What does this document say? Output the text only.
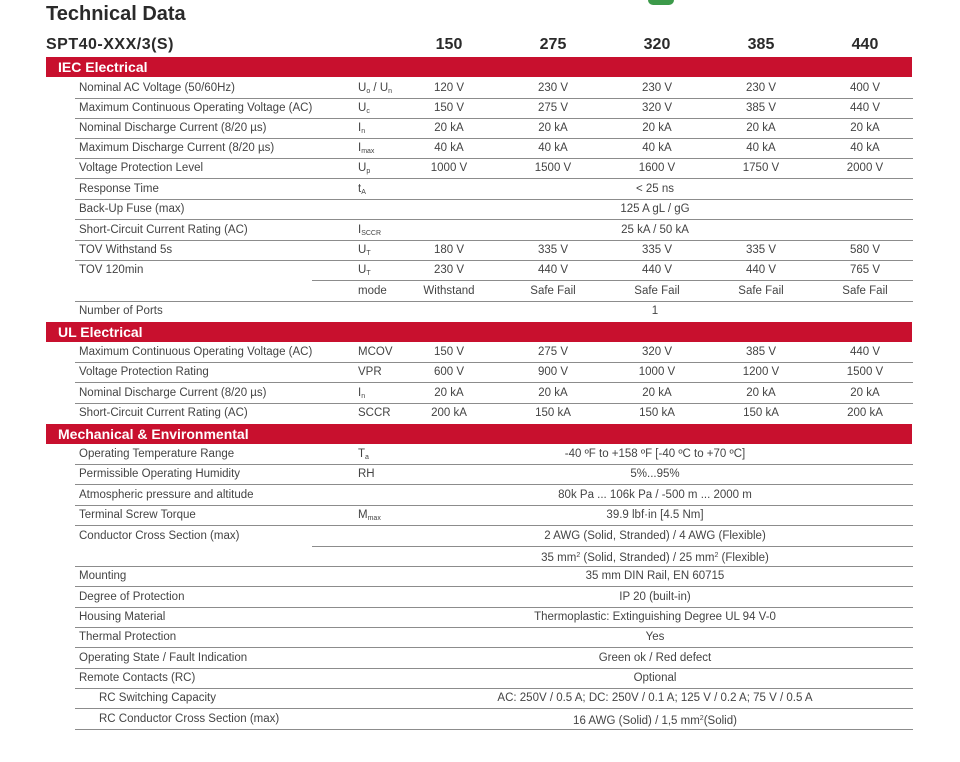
Technical Data
SPT40-XXX/3(S)	150	275	320	385	440
IEC Electrical
Nominal AC Voltage (50/60Hz)	$U_o / U_n$	120 V	230 V	230 V	230 V	400 V
Maximum Continuous Operating Voltage (AC)	$U_c$	150 V	275 V	320 V	385 V	440 V
Nominal Discharge Current (8/20 µs)	$I_n$	20 kA	20 kA	20 kA	20 kA	20 kA
Maximum Discharge Current (8/20 µs)	$I_{max}$	40 kA	40 kA	40 kA	40 kA	40 kA
Voltage Protection Level	$U_p$	1000 V	1500 V	1600 V	1750 V	2000 V
Response Time	$t_A$	< 25 ns
Back-Up Fuse (max)	125 A gL / gG
Short-Circuit Current Rating (AC)	$I_{SCCR}$	25 kA / 50 kA
TOV Withstand 5s	$U_T$	180 V	335 V	335 V	335 V	580 V
TOV 120min	$U_T$	230 V	440 V	440 V	440 V	765 V
mode	Withstand	Safe Fail	Safe Fail	Safe Fail	Safe Fail
Number of Ports	1
UL Electrical
Maximum Continuous Operating Voltage (AC)	MCOV	150 V	275 V	320 V	385 V	440 V
Voltage Protection Rating	VPR	600 V	900 V	1000 V	1200 V	1500 V
Nominal Discharge Current (8/20 µs)	$I_n$	20 kA	20 kA	20 kA	20 kA	20 kA
Short-Circuit Current Rating (AC)	SCCR	200 kA	150 kA	150 kA	150 kA	200 kA
Mechanical & Environmental
Operating Temperature Range	$T_a$	-40 ºF to +158 ºF [-40 ºC to +70 ºC]
Permissible Operating Humidity	RH	5%...95%
Atmospheric pressure and altitude	80k Pa ... 106k Pa / -500 m ... 2000 m
Terminal Screw Torque	$M_{max}$	39.9 lbf·in [4.5 Nm]
Conductor Cross Section (max)	2 AWG (Solid, Stranded) / 4 AWG (Flexible)
35 $mm^2$ (Solid, Stranded) / 25 $mm^2$ (Flexible)
Mounting	35 mm DIN Rail, EN 60715
Degree of Protection	IP 20 (built-in)
Housing Material	Thermoplastic: Extinguishing Degree UL 94 V-0
Thermal Protection	Yes
Operating State / Fault Indication	Green ok / Red defect
Remote Contacts (RC)	Optional
RC Switching Capacity	AC: 250V / 0.5 A; DC: 250V / 0.1 A; 125 V / 0.2 A; 75 V / 0.5 A
RC Conductor Cross Section (max)	16 AWG (Solid) / 1,5 $mm^2(Solid)$
